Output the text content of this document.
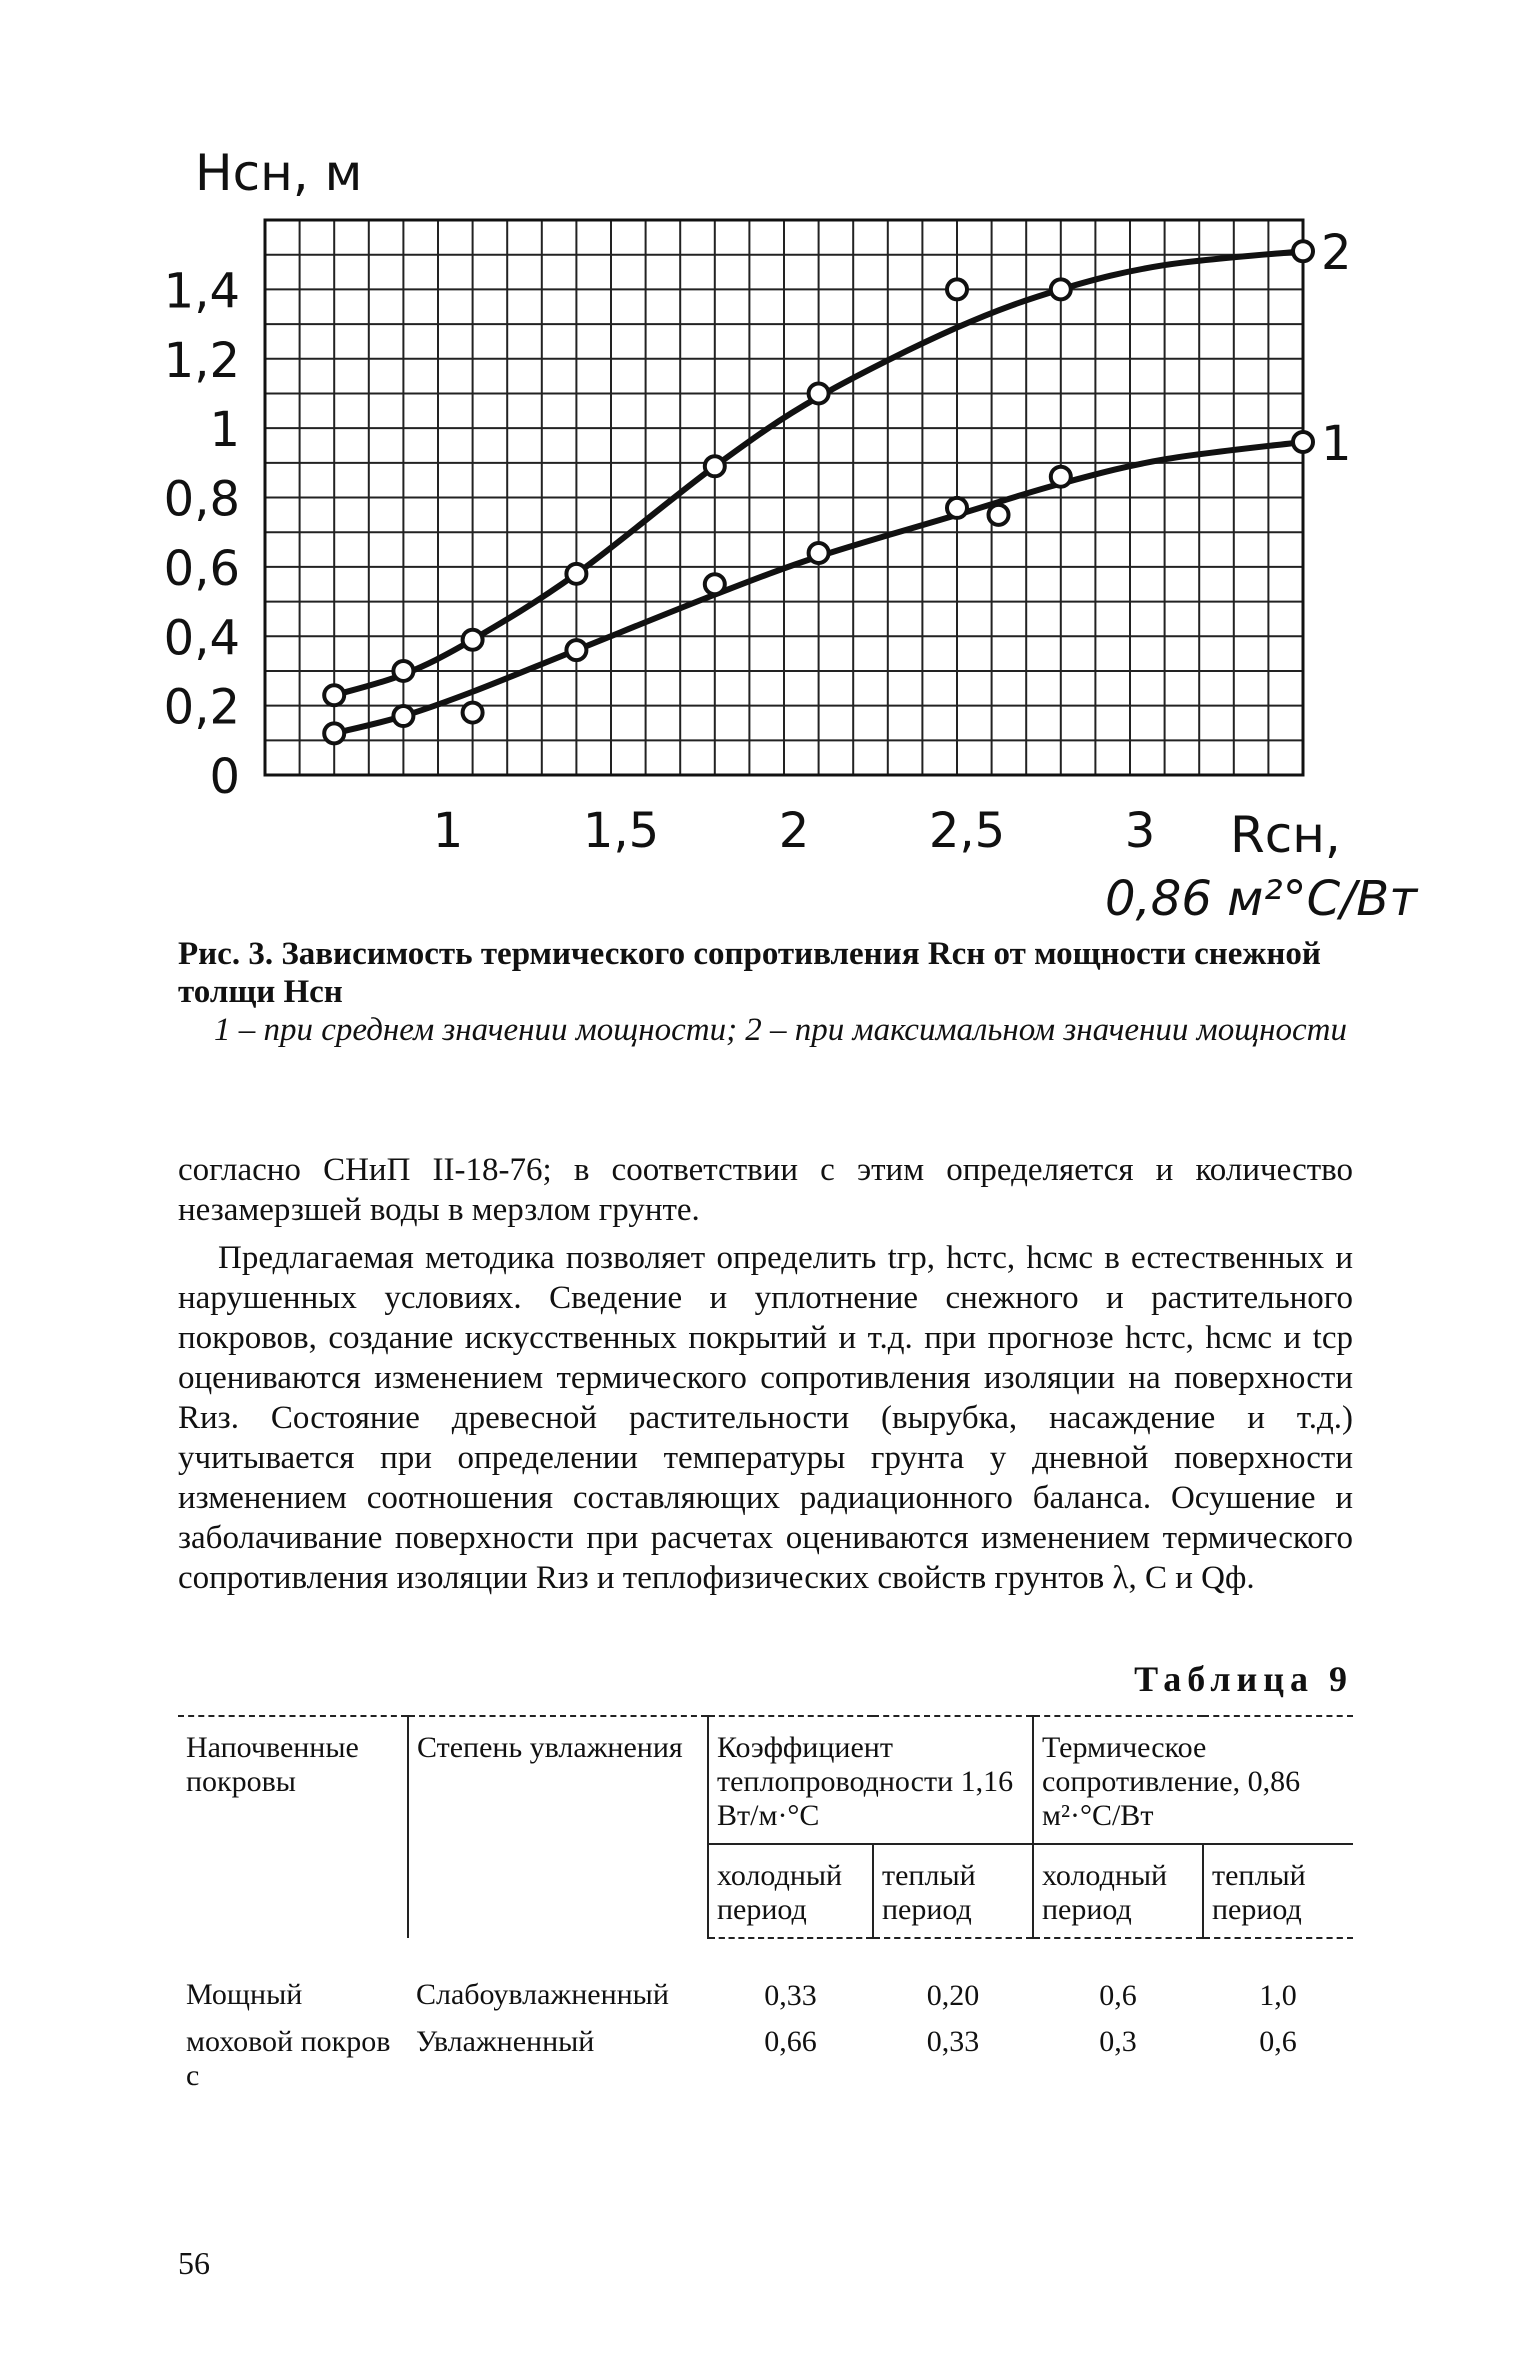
0
0,2
0,4
0,6
0,8
1
1,2
1,4
1 1,5 2 2,5 3
Нсн, м
Rсн,
0,86 м²°С/Вт
1
2
Рис. 3. Зависимость термического сопротивления Rсн от мощности снежной толщи Hсн
1 – при среднем значении мощности; 2 – при максимальном значении мощности

согласно СНиП II-18-76; в соответствии с этим определяется и количество незамерзшей воды в мерзлом грунте.

Предлагаемая методика позволяет определить tгр, hстс, hсмс в естественных и нарушенных условиях. Сведение и уплотнение снежного и растительного покровов, создание искусственных покрытий и т.д. при прогнозе hстс, hсмс и tср оцениваются изменением термического сопротивления изоляции на поверхности Rиз. Состояние древесной растительности (вырубка, насаждение и т.д.) учитывается при определении температуры грунта у дневной поверхности изменением соотношения составляющих радиационного баланса. Осушение и заболачивание поверхности при расчетах оцениваются изменением термического сопротивления изоляции Rиз и теплофизических свойств грунтов λ, C и Qф.

Таблица 9
Напочвенные покровы	Степень увлажнения	Коэффициент теплопроводности 1,16 Вт/м·°С		Термическое сопротивление, 0,86 м²·°С/Вт	
		холодный период	теплый период	холодный период	теплый период
Мощный	Слабоувлажненный	0,33	0,20	0,6	1,0
моховой покров с	Увлажненный	0,66	0,33	0,3	0,6
56
